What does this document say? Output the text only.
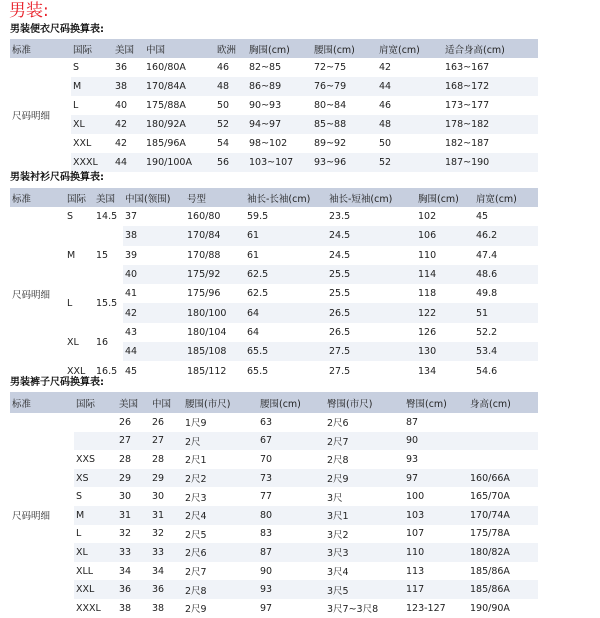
男装:
男装便衣尺码换算表:
标准	国际	美国	中国	欧洲	胸围(cm)	腰围(cm)	肩宽(cm)	适合身高(cm)
尺码明细	S	36	160/80A	46	82~85	72~75	42	163~167
	M	38	170/84A	48	86~89	76~79	44	168~172
	L	40	175/88A	50	90~93	80~84	46	173~177
	XL	42	180/92A	52	94~97	85~88	48	178~182
	XXL	42	185/96A	54	98~102	89~92	50	182~187
	XXXL	44	190/100A	56	103~107	93~96	52	187~190
男装衬衫尺码换算表:
标准	国际	美国	中国(领围)	号型	袖长-长袖(cm)	袖长-短袖(cm)	胸围(cm)	肩宽(cm)
尺码明细	S	14.5	37	160/80	59.5	23.5	102	45
	M	15	38	170/84	61	24.5	106	46.2
			39	170/88	61	24.5	110	47.4
			40	175/92	62.5	25.5	114	48.6
	L	15.5	41	175/96	62.5	25.5	118	49.8
			42	180/100	64	26.5	122	51
	XL	16	43	180/104	64	26.5	126	52.2
			44	185/108	65.5	27.5	130	53.4
	XXL	16.5	45	185/112	65.5	27.5	134	54.6
男装裤子尺码换算表:
标准	国际	美国	中国	腰围(市尺)	腰围(cm)	臀围(市尺)	臀围(cm)	身高(cm)
尺码明细		26	26	1尺9	63	2尺6	87	
		27	27	2尺	67	2尺7	90	
	XXS	28	28	2尺1	70	2尺8	93	
	XS	29	29	2尺2	73	2尺9	97	160/66A
	S	30	30	2尺3	77	3尺	100	165/70A
	M	31	31	2尺4	80	3尺1	103	170/74A
	L	32	32	2尺5	83	3尺2	107	175/78A
	XL	33	33	2尺6	87	3尺3	110	180/82A
	XLL	34	34	2尺7	90	3尺4	113	185/86A
	XXL	36	36	2尺8	93	3尺5	117	185/86A
	XXXL	38	38	2尺9	97	3尺7~3尺8	123-127	190/90A
